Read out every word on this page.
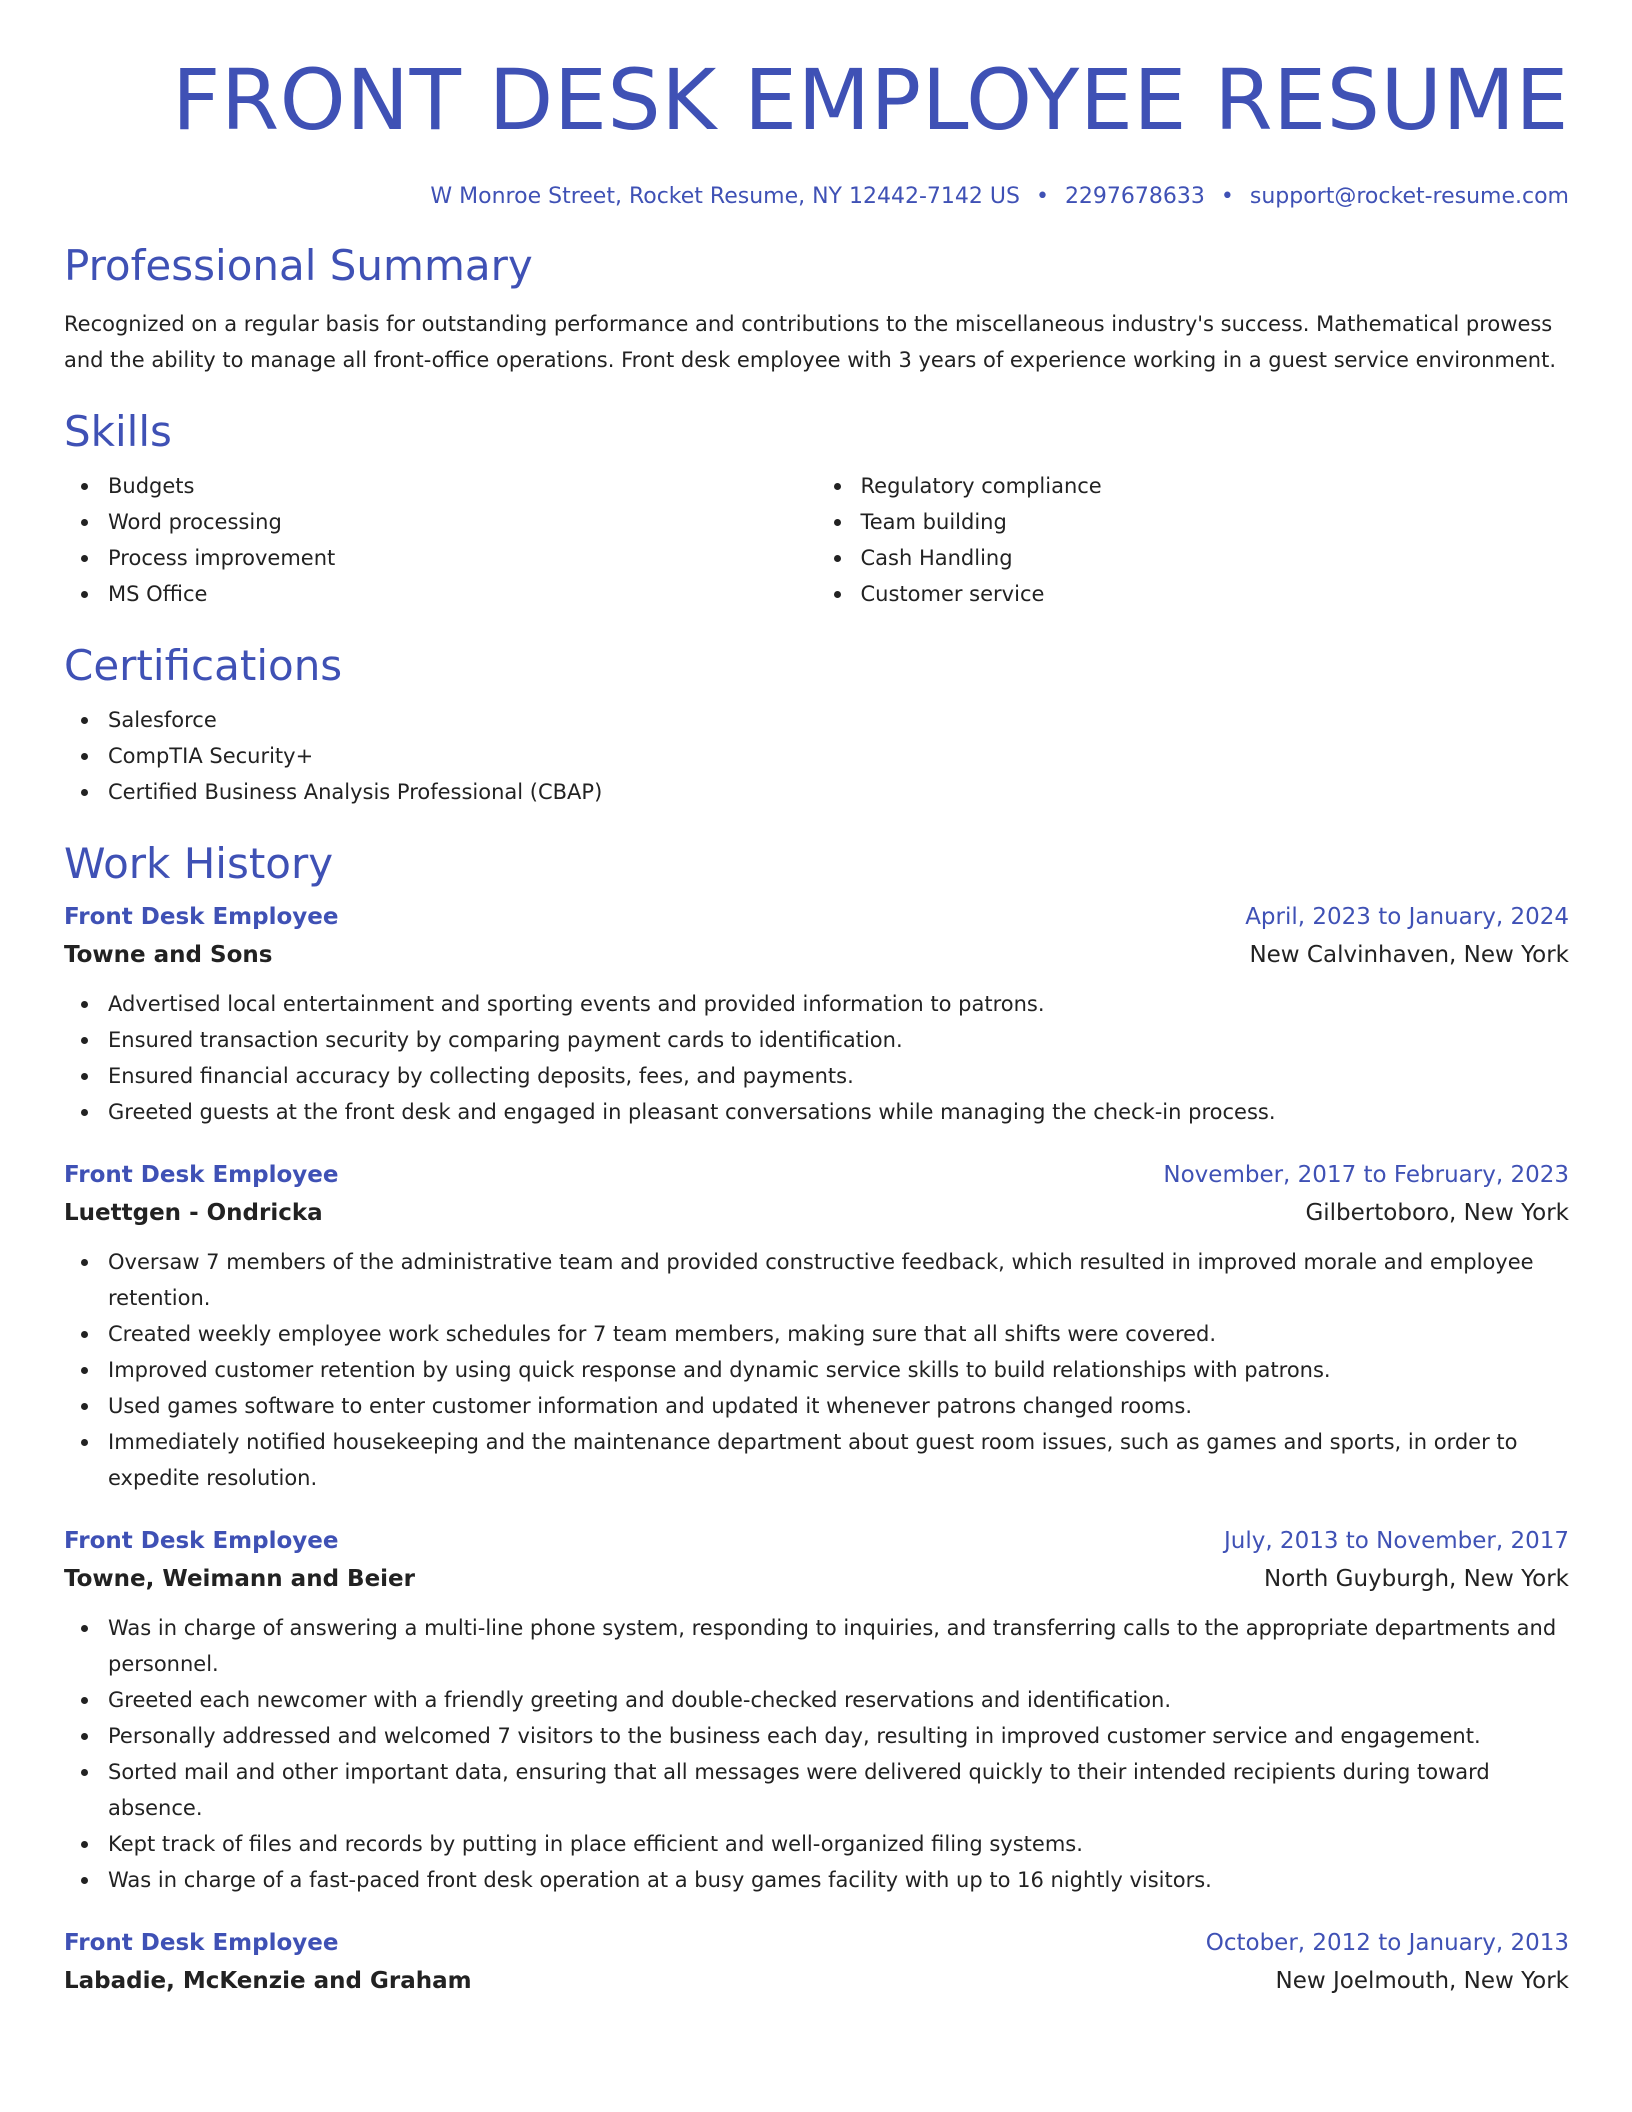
FRONT DESK EMPLOYEE RESUME
W Monroe Street, Rocket Resume, NY 12442-7142 US • 2297678633 • support@rocket-resume.com
Professional Summary

Recognized on a regular basis for outstanding performance and contributions to the miscellaneous industry's success. Mathematical prowess and the ability to manage all front-office operations. Front desk employee with 3 years of experience working in a guest service environment.

Skills
Budgets
Word processing
Process improvement
MS Office
Regulatory compliance
Team building
Cash Handling
Customer service
Certifications
Salesforce
CompTIA Security+
Certified Business Analysis Professional (CBAP)
Work History
Front Desk Employee	April, 2023 to January, 2024
Towne and Sons	New Calvinhaven, New York
Advertised local entertainment and sporting events and provided information to patrons.
Ensured transaction security by comparing payment cards to identification.
Ensured financial accuracy by collecting deposits, fees, and payments.
Greeted guests at the front desk and engaged in pleasant conversations while managing the check-in process.
Front Desk Employee	November, 2017 to February, 2023
Luettgen - Ondricka	Gilbertoboro, New York
Oversaw 7 members of the administrative team and provided constructive feedback, which resulted in improved morale and employee retention.
Created weekly employee work schedules for 7 team members, making sure that all shifts were covered.
Improved customer retention by using quick response and dynamic service skills to build relationships with patrons.
Used games software to enter customer information and updated it whenever patrons changed rooms.
Immediately notified housekeeping and the maintenance department about guest room issues, such as games and sports, in order to expedite resolution.
Front Desk Employee	July, 2013 to November, 2017
Towne, Weimann and Beier	North Guyburgh, New York
Was in charge of answering a multi-line phone system, responding to inquiries, and transferring calls to the appropriate departments and personnel.
Greeted each newcomer with a friendly greeting and double-checked reservations and identification.
Personally addressed and welcomed 7 visitors to the business each day, resulting in improved customer service and engagement.
Sorted mail and other important data, ensuring that all messages were delivered quickly to their intended recipients during toward absence.
Kept track of files and records by putting in place efficient and well-organized filing systems.
Was in charge of a fast-paced front desk operation at a busy games facility with up to 16 nightly visitors.
Front Desk Employee	October, 2012 to January, 2013
Labadie, McKenzie and Graham	New Joelmouth, New York
